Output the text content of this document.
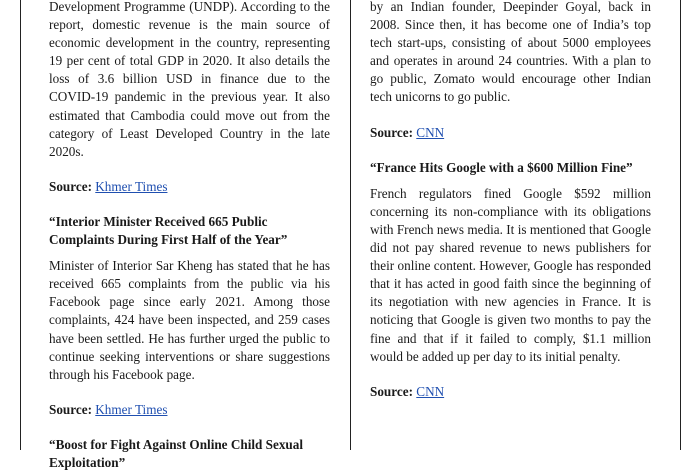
Development Programme (UNDP). According to the report, domestic revenue is the main source of economic development in the country, representing 19 per cent of total GDP in 2020. It also details the loss of 3.6 billion USD in finance due to the COVID-19 pandemic in the previous year. It also estimated that Cambodia could move out from the category of Least Developed Country in the late 2020s.

Source: Khmer Times

“Interior Minister Received 665 Public Complaints During First Half of the Year”

Minister of Interior Sar Kheng has stated that he has received 665 complaints from the public via his Facebook page since early 2021. Among those complaints, 424 have been inspected, and 259 cases have been settled. He has further urged the public to continue seeking interventions or share suggestions through his Facebook page.

Source: Khmer Times

“Boost for Fight Against Online Child Sexual Exploitation”

by an Indian founder, Deepinder Goyal, back in 2008. Since then, it has become one of India’s top tech start-ups, consisting of about 5000 employees and operates in around 24 countries. With a plan to go public, Zomato would encourage other Indian tech unicorns to go public.

Source: CNN

“France Hits Google with a $600 Million Fine”

French regulators fined Google $592 million concerning its non-compliance with its obligations with French news media. It is mentioned that Google did not pay shared revenue to news publishers for their online content. However, Google has responded that it has acted in good faith since the beginning of its negotiation with new agencies in France. It is noticing that Google is given two months to pay the fine and that if it failed to comply, $1.1 million would be added up per day to its initial penalty.

Source: CNN
